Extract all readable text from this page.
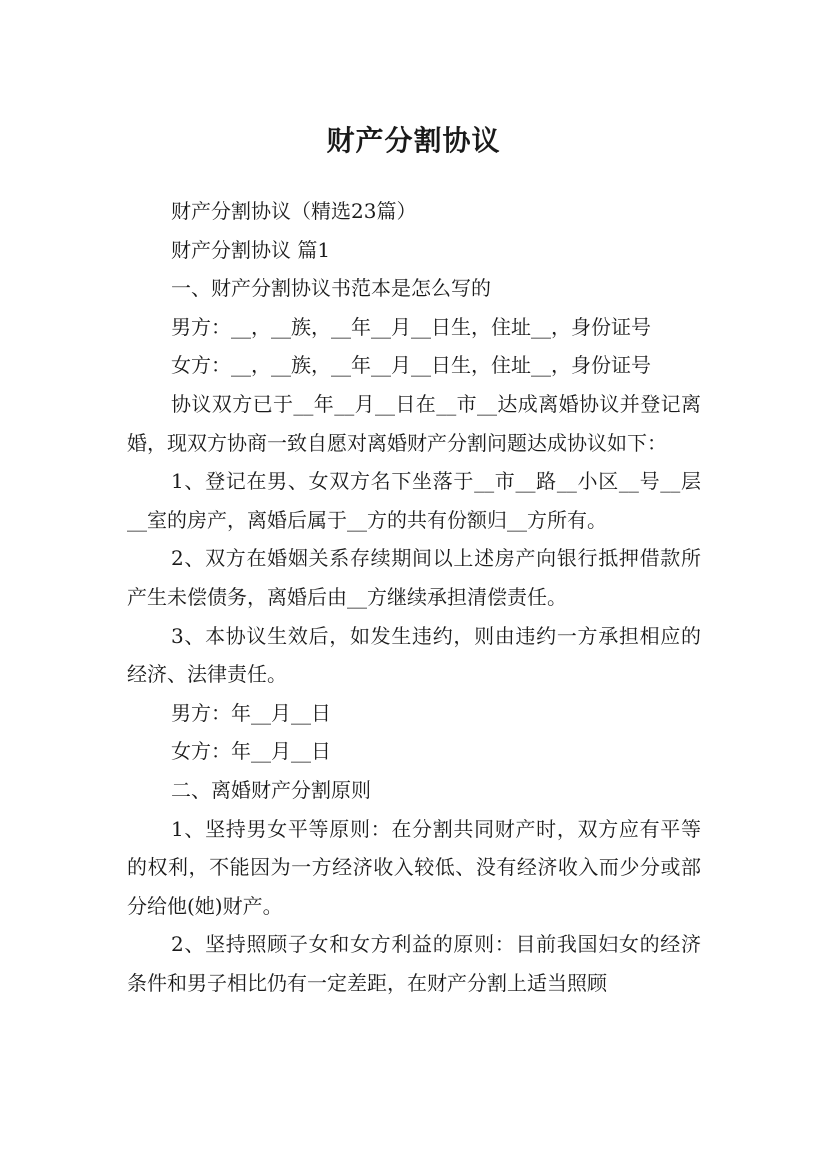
财产分割协议

财产分割协议（精选23篇）

财产分割协议 篇1

一、财产分割协议书范本是怎么写的

男方：__，__族，__年__月__日生，住址__，身份证号

女方：__，__族，__年__月__日生，住址__，身份证号

协议双方已于__年__月__日在__市__达成离婚协议并登记离婚，现双方协商一致自愿对离婚财产分割问题达成协议如下：

1、登记在男、女双方名下坐落于__市__路__小区__号__层__室的房产，离婚后属于__方的共有份额归__方所有。

2、双方在婚姻关系存续期间以上述房产向银行抵押借款所产生未偿债务，离婚后由__方继续承担清偿责任。

3、本协议生效后，如发生违约，则由违约一方承担相应的经济、法律责任。

男方：年__月__日

女方：年__月__日

二、离婚财产分割原则

1、坚持男女平等原则：在分割共同财产时，双方应有平等的权利，不能因为一方经济收入较低、没有经济收入而少分或部分给他(她)财产。

2、坚持照顾子女和女方利益的原则：目前我国妇女的经济条件和男子相比仍有一定差距，在财产分割上适当照顾
